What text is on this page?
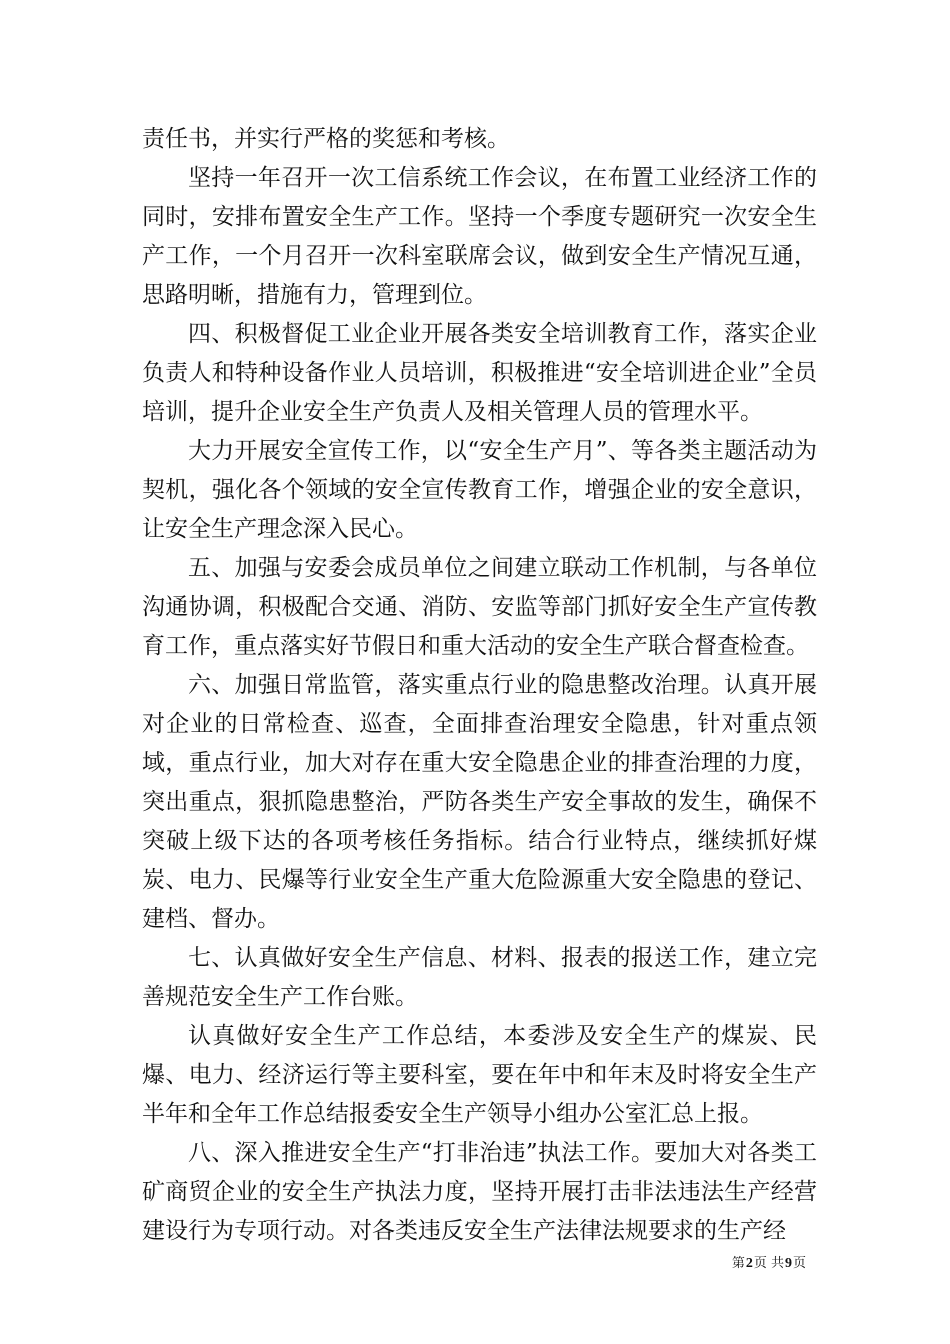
责任书，并实行严格的奖惩和考核。

坚持一年召开一次工信系统工作会议，在布置工业经济工作的同时，安排布置安全生产工作。坚持一个季度专题研究一次安全生产工作，一个月召开一次科室联席会议，做到安全生产情况互通，思路明晰，措施有力，管理到位。

四、积极督促工业企业开展各类安全培训教育工作，落实企业负责人和特种设备作业人员培训，积极推进“安全培训进企业”全员培训，提升企业安全生产负责人及相关管理人员的管理水平。

大力开展安全宣传工作，以“安全生产月”、等各类主题活动为契机，强化各个领域的安全宣传教育工作，增强企业的安全意识，让安全生产理念深入民心。

五、加强与安委会成员单位之间建立联动工作机制，与各单位沟通协调，积极配合交通、消防、安监等部门抓好安全生产宣传教育工作，重点落实好节假日和重大活动的安全生产联合督查检查。

六、加强日常监管，落实重点行业的隐患整改治理。认真开展对企业的日常检查、巡查，全面排查治理安全隐患，针对重点领域，重点行业，加大对存在重大安全隐患企业的排查治理的力度，突出重点，狠抓隐患整治，严防各类生产安全事故的发生，确保不突破上级下达的各项考核任务指标。结合行业特点，继续抓好煤炭、电力、民爆等行业安全生产重大危险源重大安全隐患的登记、建档、督办。

七、认真做好安全生产信息、材料、报表的报送工作，建立完善规范安全生产工作台账。

认真做好安全生产工作总结，本委涉及安全生产的煤炭、民爆、电力、经济运行等主要科室，要在年中和年末及时将安全生产半年和全年工作总结报委安全生产领导小组办公室汇总上报。

八、深入推进安全生产“打非治违”执法工作。要加大对各类工矿商贸企业的安全生产执法力度，坚持开展打击非法违法生产经营建设行为专项行动。对各类违反安全生产法律法规要求的生产经

第2页 共9页
